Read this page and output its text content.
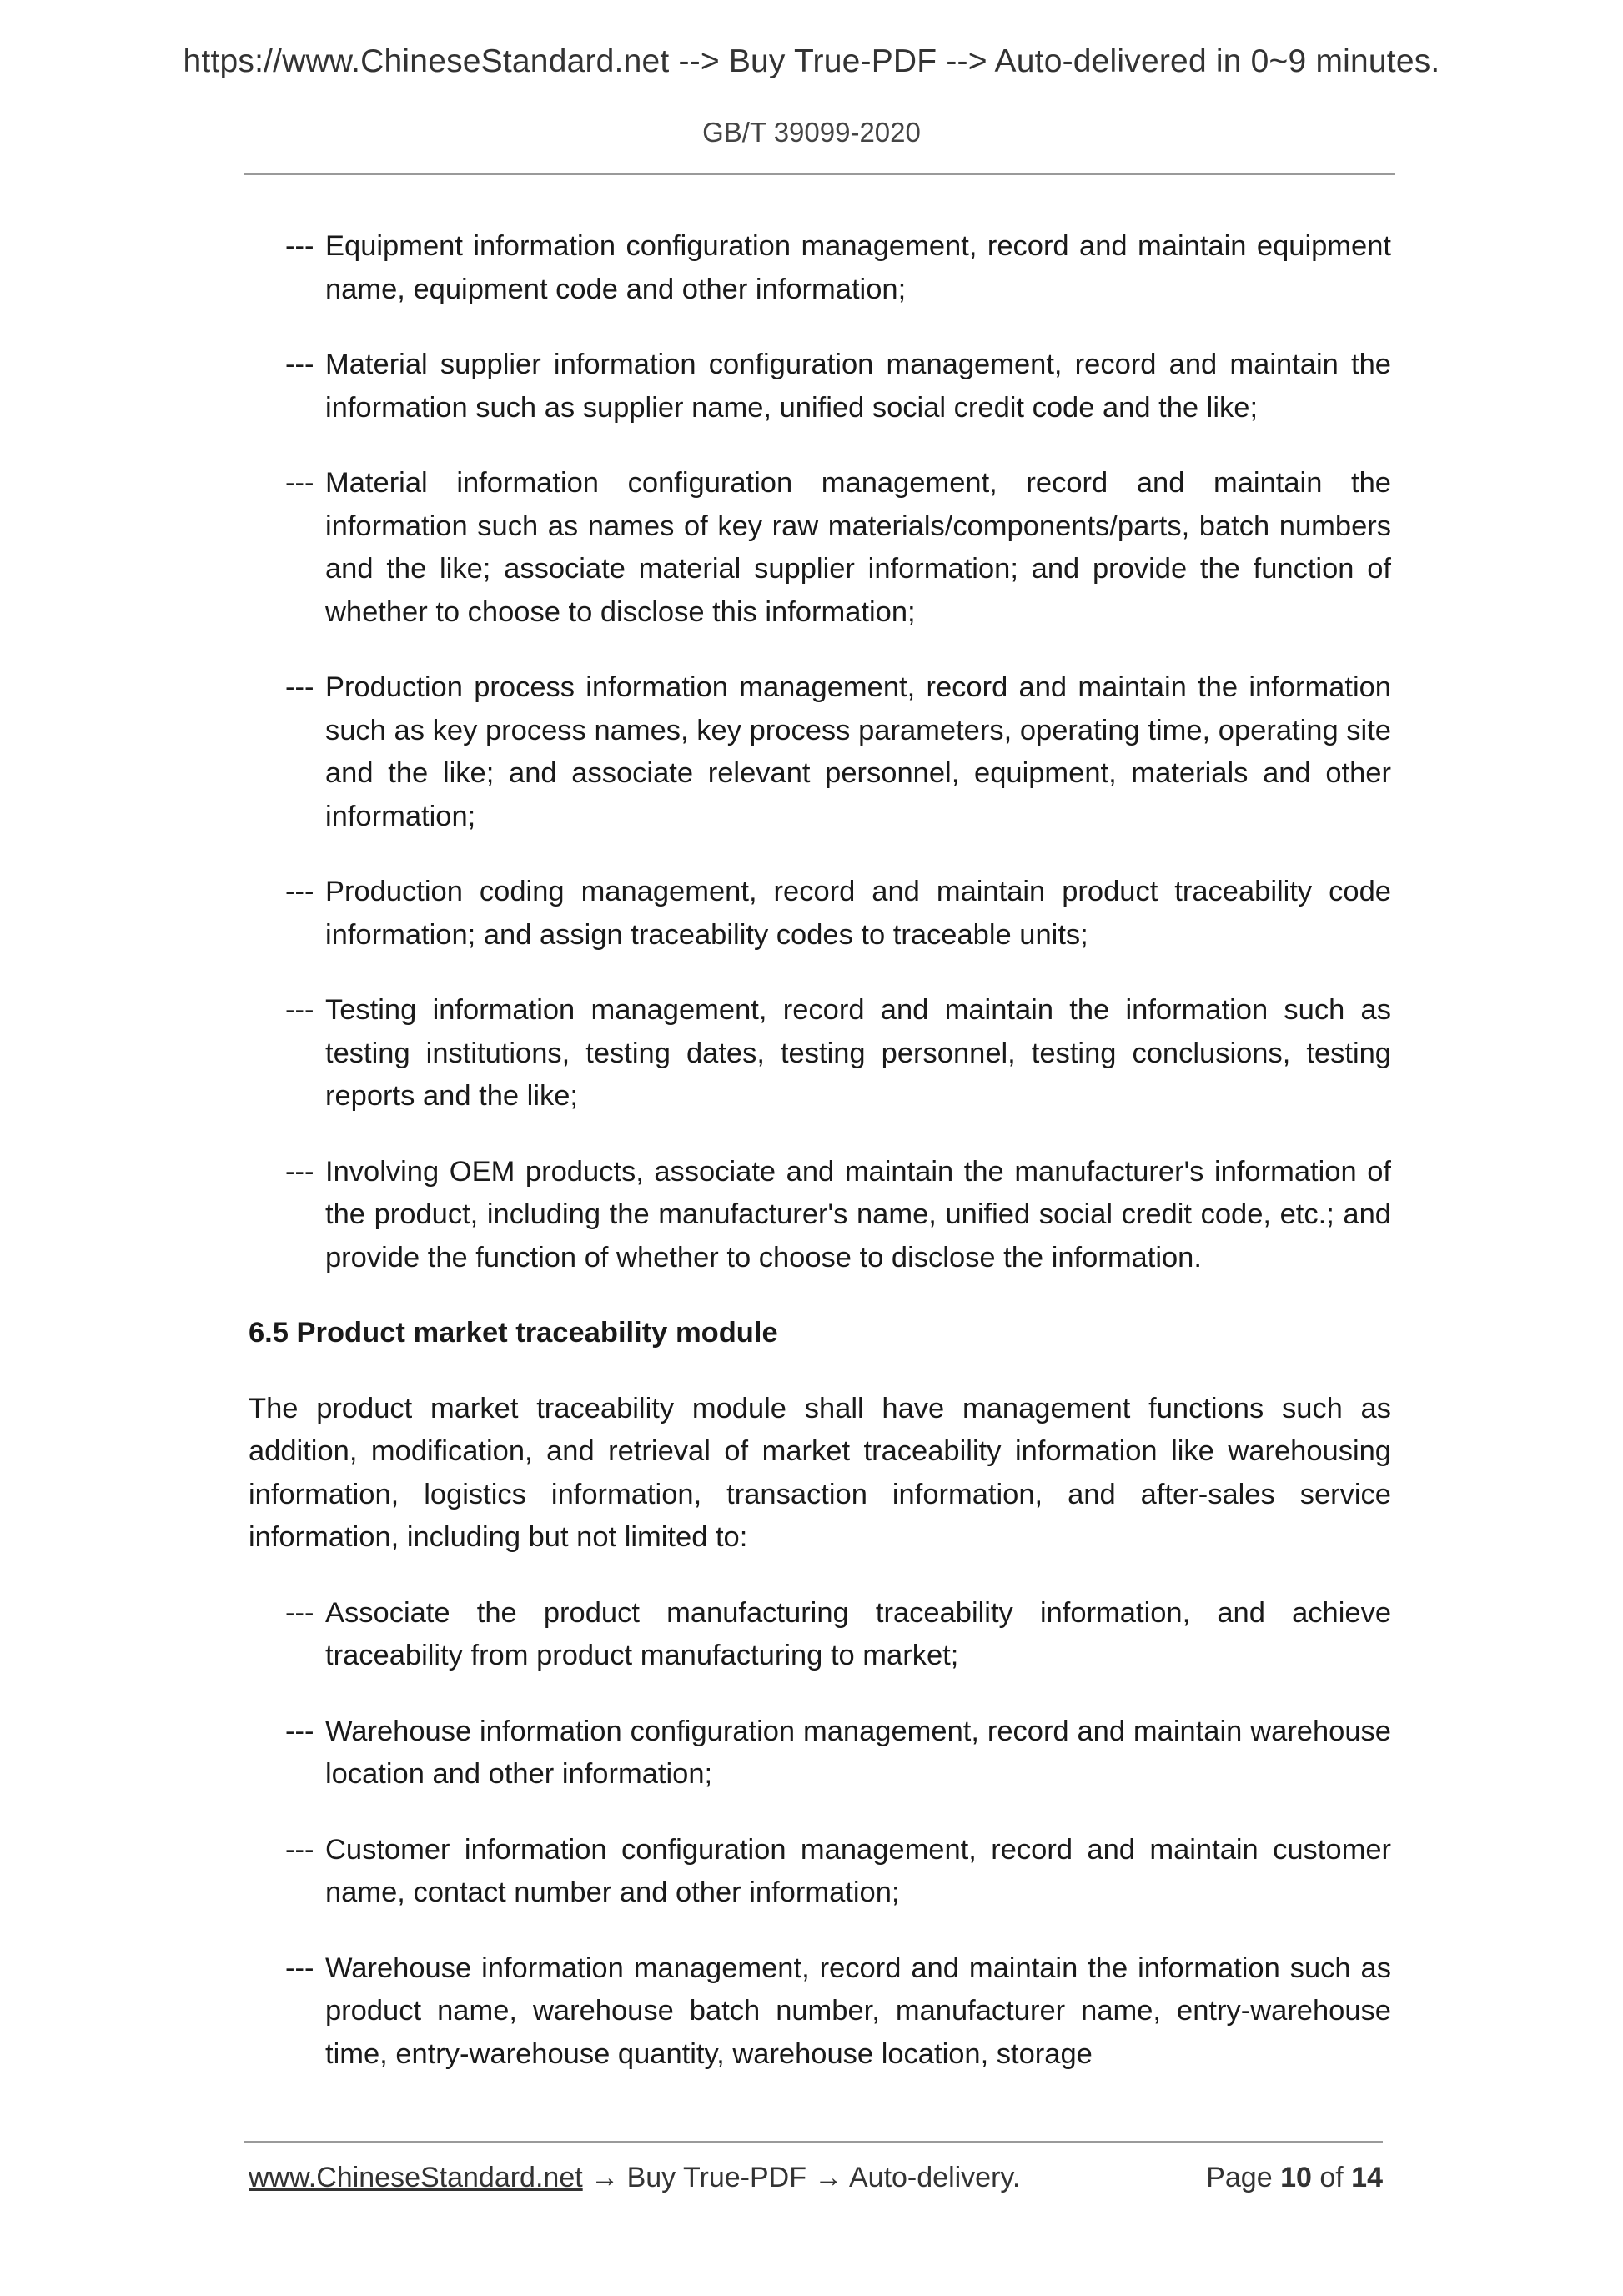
https://www.ChineseStandard.net --> Buy True-PDF --> Auto-delivered in 0~9 minutes.
GB/T 39099-2020
--- Equipment information configuration management, record and maintain equipment name, equipment code and other information;
--- Material supplier information configuration management, record and maintain the information such as supplier name, unified social credit code and the like;
--- Material information configuration management, record and maintain the information such as names of key raw materials/components/parts, batch numbers and the like; associate material supplier information; and provide the function of whether to choose to disclose this information;
--- Production process information management, record and maintain the information such as key process names, key process parameters, operating time, operating site and the like; and associate relevant personnel, equipment, materials and other information;
--- Production coding management, record and maintain product traceability code information; and assign traceability codes to traceable units;
--- Testing information management, record and maintain the information such as testing institutions, testing dates, testing personnel, testing conclusions, testing reports and the like;
--- Involving OEM products, associate and maintain the manufacturer's information of the product, including the manufacturer's name, unified social credit code, etc.; and provide the function of whether to choose to disclose the information.
6.5 Product market traceability module
The product market traceability module shall have management functions such as addition, modification, and retrieval of market traceability information like warehousing information, logistics information, transaction information, and after-sales service information, including but not limited to:
--- Associate the product manufacturing traceability information, and achieve traceability from product manufacturing to market;
--- Warehouse information configuration management, record and maintain warehouse location and other information;
--- Customer information configuration management, record and maintain customer name, contact number and other information;
--- Warehouse information management, record and maintain the information such as product name, warehouse batch number, manufacturer name, entry-warehouse time, entry-warehouse quantity, warehouse location, storage
www.ChineseStandard.net → Buy True-PDF → Auto-delivery.	Page 10 of 14
